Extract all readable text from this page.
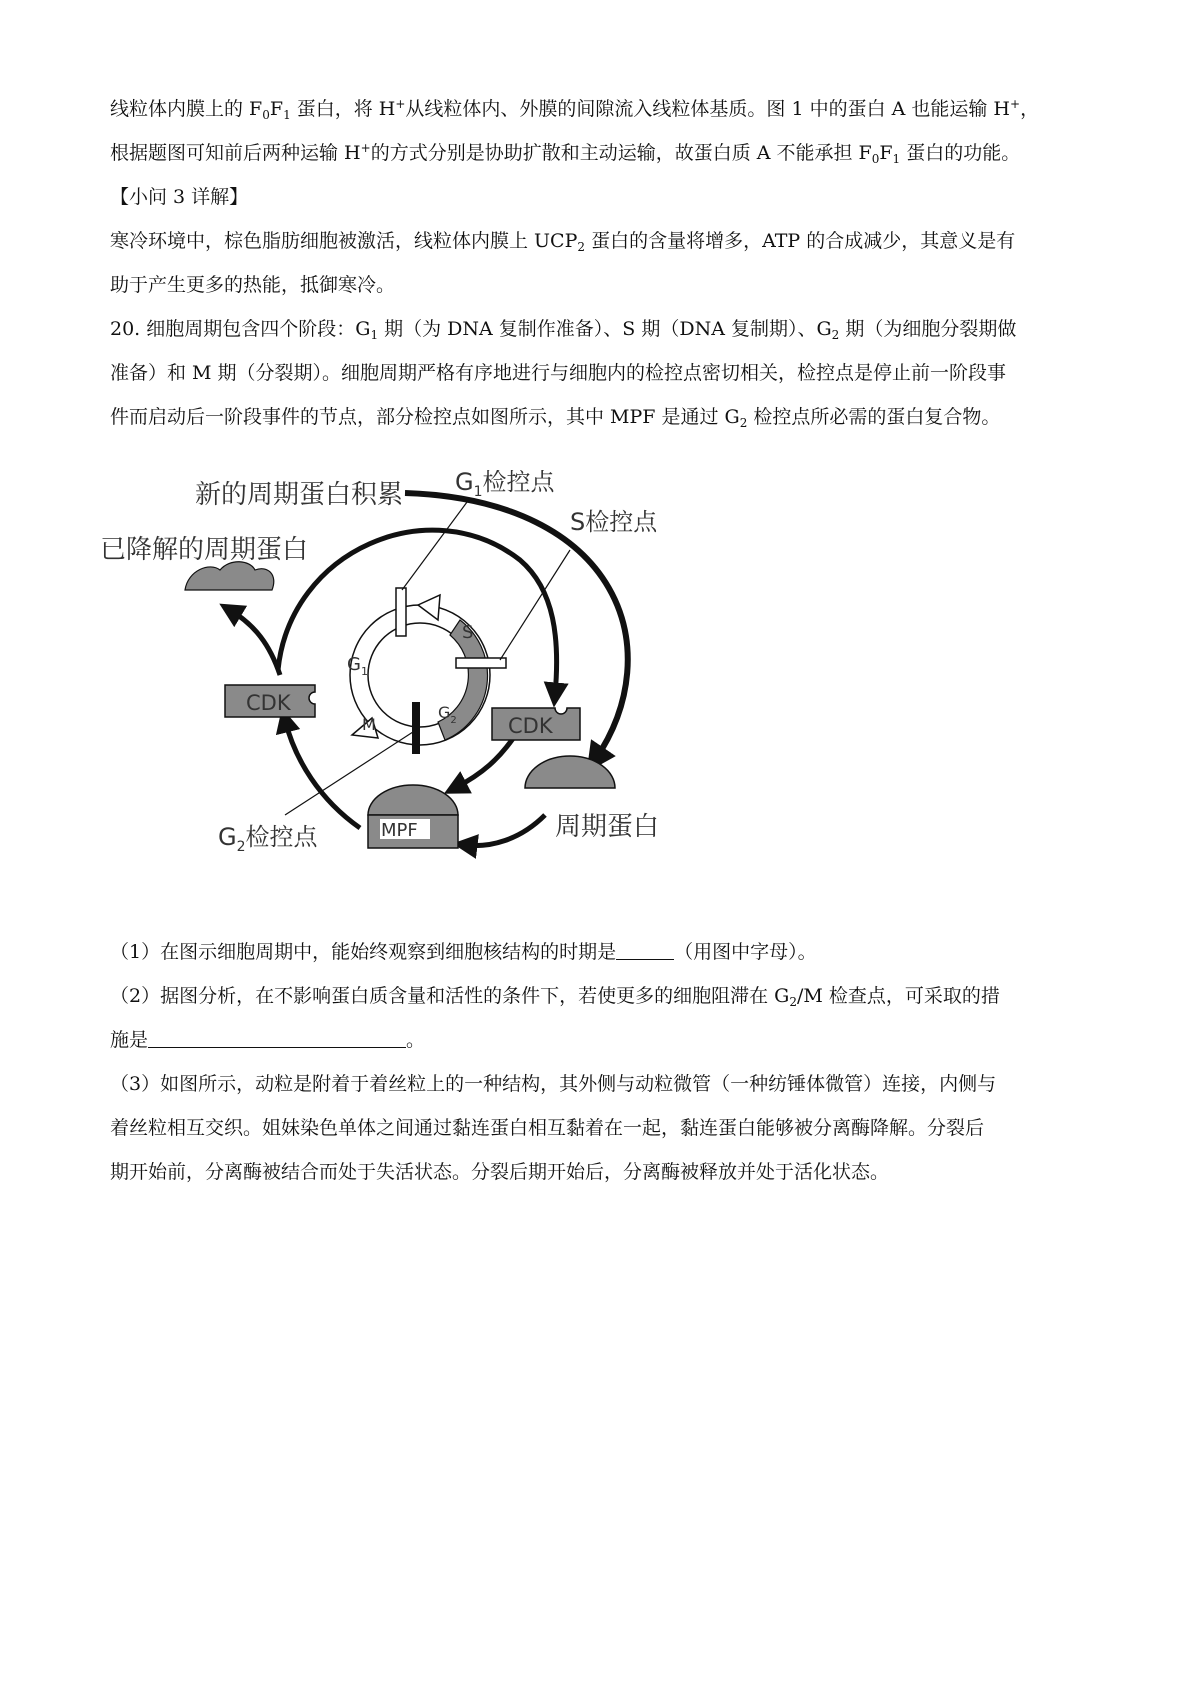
线粒体内膜上的 $F_0F_1$ 蛋白，将 H+从线粒体内、外膜的间隙流入线粒体基质。图 1 中的蛋白 A 也能运输 H+，
根据题图可知前后两种运输 H+的方式分别是协助扩散和主动运输，故蛋白质 A 不能承担 $F_0F_1$ 蛋白的功能。
【小问 3 详解】
寒冷环境中，棕色脂肪细胞被激活，线粒体内膜上 $UCP_2$ 蛋白的含量将增多，ATP 的合成减少，其意义是有
助于产生更多的热能，抵御寒冷。
20. 细胞周期包含四个阶段：$G_1$ 期（为 DNA 复制作准备）、S 期（DNA 复制期）、$G_2$ 期（为细胞分裂期做
准备）和 M 期（分裂期）。细胞周期严格有序地进行与细胞内的检控点密切相关，检控点是停止前一阶段事
件而启动后一阶段事件的节点，部分检控点如图所示，其中 MPF 是通过 $G_2$ 检控点所必需的蛋白复合物。
$G_1$
S
$G_2$
M
CDK
CDK
MPF
新的周期蛋白积累
已降解的周期蛋白
$G_1$检控点
S检控点
$G_2$检控点	周期蛋白
（1）在图示细胞周期中，能始终观察到细胞核结构的时期是	（用图中字母）。
（2）据图分析，在不影响蛋白质含量和活性的条件下，若使更多的细胞阻滞在 $G_2/M$ 检查点，可采取的措
施是	。
（3）如图所示，动粒是附着于着丝粒上的一种结构，其外侧与动粒微管（一种纺锤体微管）连接，内侧与
着丝粒相互交织。姐妹染色单体之间通过黏连蛋白相互黏着在一起，黏连蛋白能够被分离酶降解。分裂后
期开始前，分离酶被结合而处于失活状态。分裂后期开始后，分离酶被释放并处于活化状态。
